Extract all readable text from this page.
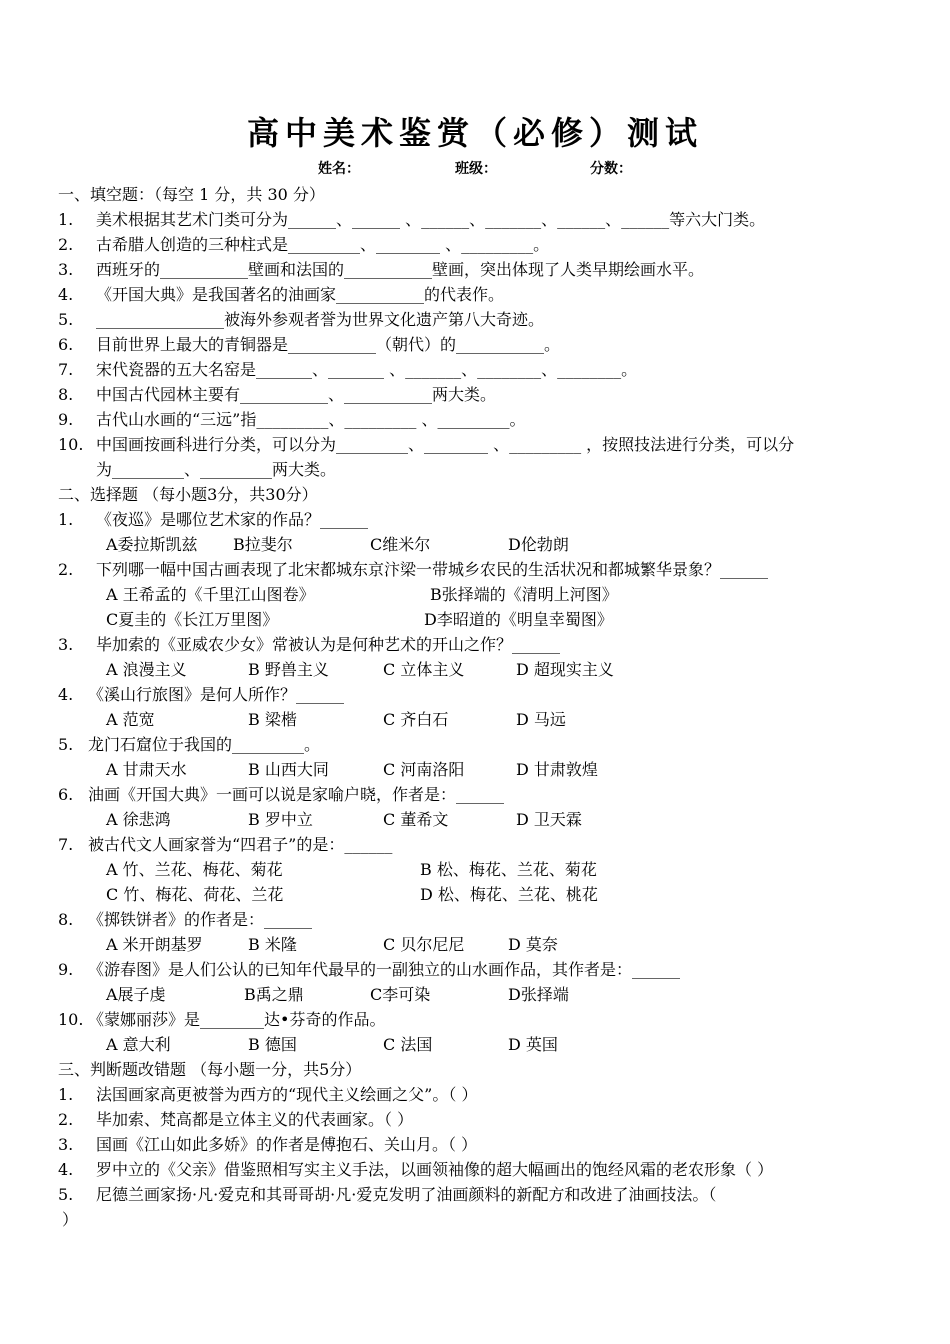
高中美术鉴赏（必修）测试
姓名：	班级：	分数：
一、填空题：（每空 1 分，共 30 分）
1. 美术根据其艺术门类可分为______、______ 、______、_______、______、______等六大门类。
2. 古希腊人创造的三种柱式是_________、________ 、_________。
3. 西班牙的___________壁画和法国的___________壁画，突出体现了人类早期绘画水平。
4. 《开国大典》是我国著名的油画家___________的代表作。
5. ________________被海外参观者誉为世界文化遗产第八大奇迹。
6. 目前世界上最大的青铜器是___________（朝代）的___________。
7. 宋代瓷器的五大名窑是_______、_______ 、_______、________、________。
8. 中国古代园林主要有___________、___________两大类。
9. 古代山水画的“三远”指_________、_________ 、_________。
10. 中国画按画科进行分类，可以分为_________、________ 、_________ ，按照技法进行分类，可以分
为_________、_________两大类。
二、选择题 （每小题3分，共30分）
1. 《夜巡》是哪位艺术家的作品？______
A委拉斯凯兹 B拉斐尔	C维米尔	D伦勃朗
2. 下列哪一幅中国古画表现了北宋都城东京汴梁一带城乡农民的生活状况和都城繁华景象？______
A 王希孟的《千里江山图卷》	B张择端的《清明上河图》
C夏圭的《长江万里图》	D李昭道的《明皇幸蜀图》
3. 毕加索的《亚威农少女》常被认为是何种艺术的开山之作？______
A 浪漫主义	B 野兽主义	C 立体主义	D 超现实主义
4. 《溪山行旅图》是何人所作？______
A 范宽	B 梁楷	C 齐白石	D 马远
5. 龙门石窟位于我国的_________。
A 甘肃天水	B 山西大同	C 河南洛阳	D 甘肃敦煌
6. 油画《开国大典》一画可以说是家喻户晓，作者是：______
A 徐悲鸿	B 罗中立	C 董希文	D 卫天霖
7. 被古代文人画家誉为“四君子”的是：______
A 竹、兰花、梅花、菊花	B 松、梅花、兰花、菊花
C 竹、梅花、荷花、兰花	D 松、梅花、兰花、桃花
8. 《掷铁饼者》的作者是：______
A 米开朗基罗	B 米隆	C 贝尔尼尼	D 莫奈
9. 《游春图》是人们公认的已知年代最早的一副独立的山水画作品，其作者是：______
A展子虔	B禹之鼎	C李可染	D张择端
10. 《蒙娜丽莎》是________达•芬奇的作品。
A 意大利	B 德国	C 法国	D 英国
三、判断题改错题 （每小题一分，共5分）
1. 法国画家高更被誉为西方的“现代主义绘画之父”。（ ）
2. 毕加索、梵高都是立体主义的代表画家。（ ）
3. 国画《江山如此多娇》的作者是傅抱石、关山月。（ ）
4. 罗中立的《父亲》借鉴照相写实主义手法，以画领袖像的超大幅画出的饱经风霜的老农形象（ ）
5. 尼德兰画家扬·凡·爱克和其哥哥胡·凡·爱克发明了油画颜料的新配方和改进了油画技法。（
）
